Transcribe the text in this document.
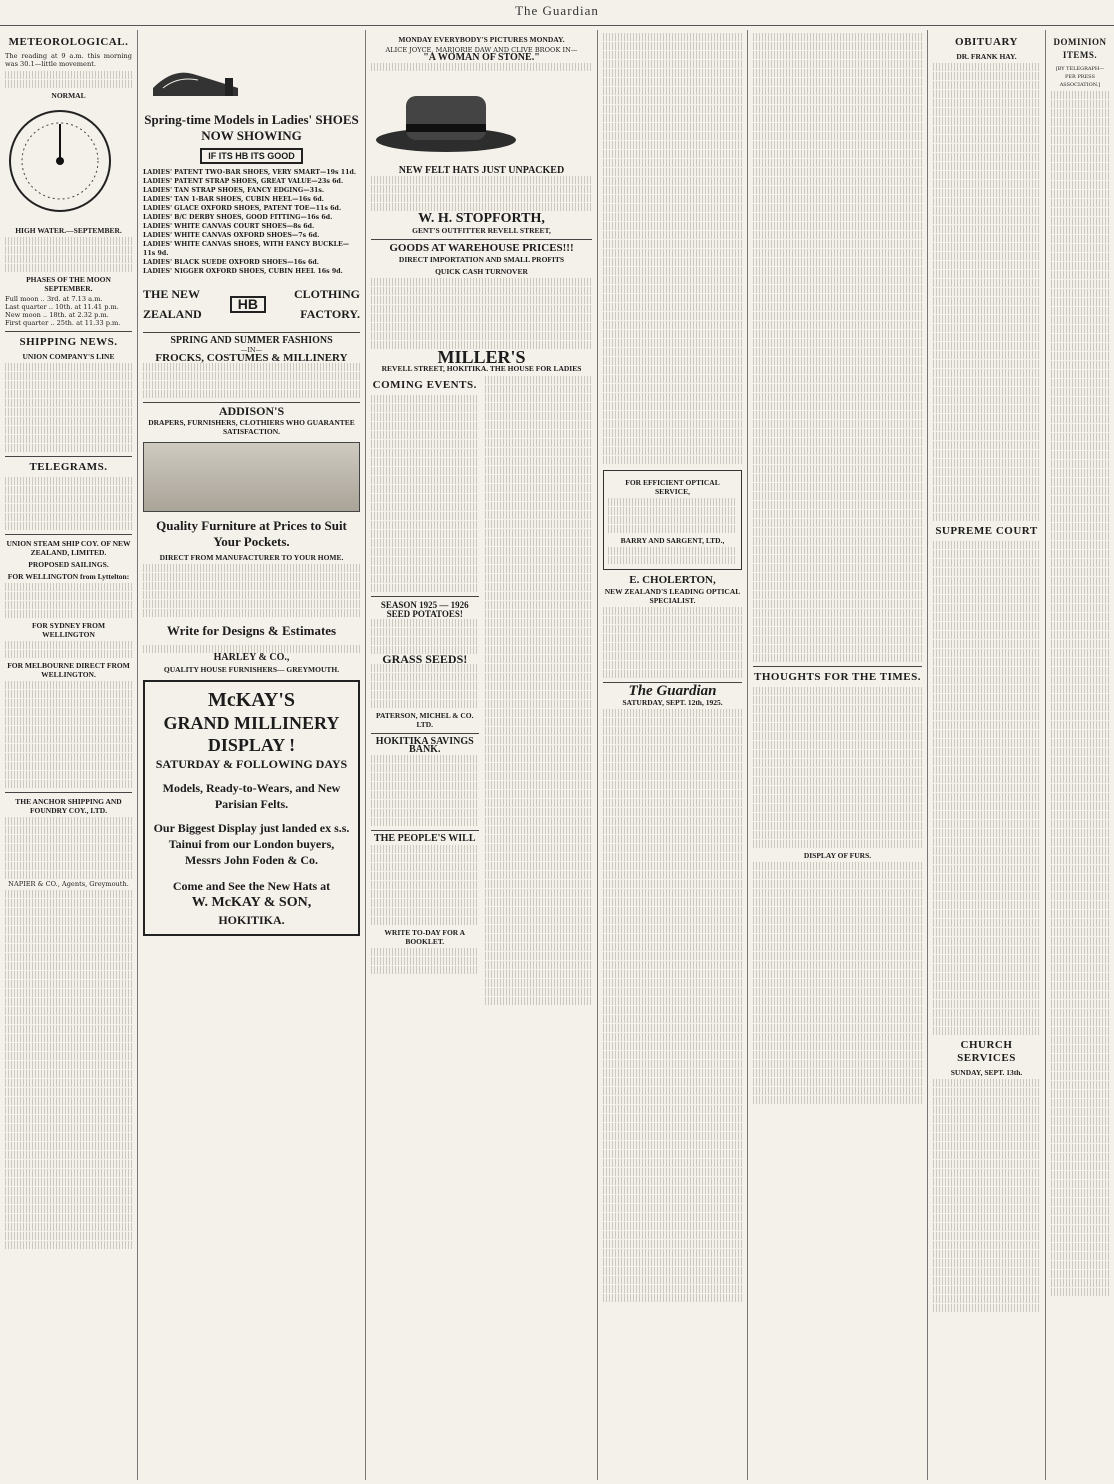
The Guardian
METEOROLOGICAL.
The reading at 9 a.m. this morning was 30.1—little movement.
NORMAL
HIGH WATER.—SEPTEMBER.
PHASES OF THE MOON SEPTEMBER.
Full moon .. 3rd. at 7.13 a.m.
Last quarter .. 10th. at 11.41 p.m.
New moon .. 18th. at 2.32 p.m.
First quarter .. 25th. at 11.33 p.m.
SHIPPING NEWS.
UNION COMPANY'S LINE
TELEGRAMS.
UNION STEAM SHIP COY. OF NEW ZEALAND, LIMITED.
PROPOSED SAILINGS.
FOR WELLINGTON from Lyttelton:
FOR SYDNEY FROM WELLINGTON
FOR MELBOURNE DIRECT FROM WELLINGTON.
THE ANCHOR SHIPPING AND FOUNDRY COY., LTD.
NAPIER & CO., Agents, Greymouth.
Spring-time Models in Ladies' SHOES NOW SHOWING
IF ITS HB ITS GOOD
LADIES' PATENT TWO-BAR SHOES, VERY SMART—19s 11d.
LADIES' PATENT STRAP SHOES, GREAT VALUE—23s 6d.
LADIES' TAN STRAP SHOES, FANCY EDGING—31s.
LADIES' TAN 1-BAR SHOES, CUBIN HEEL—16s 6d.
LADIES' GLACE OXFORD SHOES, PATENT TOE—11s 6d.
LADIES' B/C DERBY SHOES, GOOD FITTING—16s 6d.
LADIES' WHITE CANVAS COURT SHOES—8s 6d.
LADIES' WHITE CANVAS OXFORD SHOES—7s 6d.
LADIES' WHITE CANVAS SHOES, WITH FANCY BUCKLE—11s 9d.
LADIES' BLACK SUEDE OXFORD SHOES—16s 6d.
LADIES' NIGGER OXFORD SHOES, CUBIN HEEL 16s 9d.
THE NEW
ZEALAND
HB
CLOTHING
FACTORY.
SPRING AND SUMMER FASHIONS
—IN—
FROCKS, COSTUMES & MILLINERY
ADDISON'S
DRAPERS, FURNISHERS, CLOTHIERS WHO GUARANTEE SATISFACTION.
Quality Furniture at Prices to Suit Your Pockets.
DIRECT FROM MANUFACTURER TO YOUR HOME.
Write for Designs & Estimates
HARLEY & CO.,
QUALITY HOUSE FURNISHERS— GREYMOUTH.
McKAY'S
GRAND MILLINERY
DISPLAY !
SATURDAY & FOLLOWING DAYS
Models, Ready-to-Wears, and New Parisian Felts.
Our Biggest Display just landed ex s.s. Tainui from our London buyers, Messrs John Foden & Co.
Come and See the New Hats at
W. McKAY & SON,
HOKITIKA.
MONDAY EVERYBODY'S PICTURES MONDAY.
ALICE JOYCE, MARJORIE DAW AND CLIVE BROOK IN—
"A WOMAN OF STONE."
NEW FELT HATS JUST UNPACKED
W. H. STOPFORTH,
GENT'S OUTFITTER REVELL STREET,
GOODS AT WAREHOUSE PRICES!!!
DIRECT IMPORTATION AND SMALL PROFITS
QUICK CASH TURNOVER
MILLER'S
REVELL STREET, HOKITIKA. THE HOUSE FOR LADIES
COMING EVENTS.
SEASON 1925 — 1926 SEED POTATOES!
GRASS SEEDS!
PATERSON, MICHEL & CO. LTD.
HOKITIKA SAVINGS BANK.
THE PEOPLE'S WILL
WRITE TO-DAY FOR A BOOKLET.
FOR EFFICIENT OPTICAL SERVICE,
BARRY AND SARGENT, LTD.,
E. CHOLERTON,
NEW ZEALAND'S LEADING OPTICAL SPECIALIST.
The Guardian
SATURDAY, SEPT. 12th, 1925.
THOUGHTS FOR THE TIMES.
DISPLAY OF FURS.
OBITUARY
DR. FRANK HAY.
SUPREME COURT
CHURCH SERVICES
SUNDAY, SEPT. 13th.
DOMINION ITEMS.
[BY TELEGRAPH—PER PRESS ASSOCIATION.]
